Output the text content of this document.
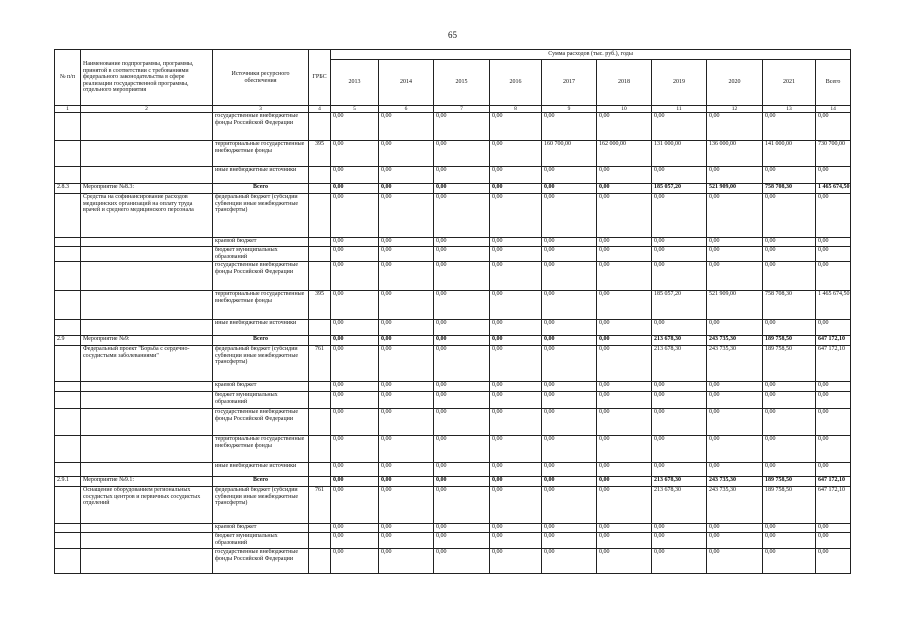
65
№ п/п	Наименование подпрограммы, программы, принятой в соответствии с требованиями федерального законодательства в сфере реализации государственной программы, отдельного мероприятия	Источники ресурсного обеспечения	ГРБС	Сумма расходов (тыс. руб.), годы									
				2013	2014	2015	2016	2017	2018	2019	2020	2021	Всего
1	2	3	4	5	6	7	8	9	10	11	12	13	14
		государственные внебюджетные фонды Российской Федерации		0,00	0,00	0,00	0,00	0,00	0,00	0,00	0,00	0,00	0,00
		территориальные государственные внебюджетные фонды	395	0,00	0,00	0,00	0,00	160 700,00	162 000,00	131 000,00	136 000,00	141 000,00	730 700,00
		иные внебюджетные источники		0,00	0,00	0,00	0,00	0,00	0,00	0,00	0,00	0,00	0,00
2.8.3	Мероприятие №8.3:	Всего		0,00	0,00	0,00	0,00	0,00	0,00	185 057,20	521 909,00	758 708,30	1 465 674,50
	Средства на софинансирование расходов медицинских организаций на оплату труда врачей и среднего медицинского персонала	федеральный бюджет (субсидии субвенции иные межбюджетные трансферты)		0,00	0,00	0,00	0,00	0,00	0,00	0,00	0,00	0,00	0,00
		краевой бюджет		0,00	0,00	0,00	0,00	0,00	0,00	0,00	0,00	0,00	0,00
		бюджет муниципальных образований		0,00	0,00	0,00	0,00	0,00	0,00	0,00	0,00	0,00	0,00
		государственные внебюджетные фонды Российской Федерации		0,00	0,00	0,00	0,00	0,00	0,00	0,00	0,00	0,00	0,00
		территориальные государственные внебюджетные фонды	395	0,00	0,00	0,00	0,00	0,00	0,00	185 057,20	521 909,00	758 708,30	1 465 674,50
		иные внебюджетные источники		0,00	0,00	0,00	0,00	0,00	0,00	0,00	0,00	0,00	0,00
2.9	Мероприятие №9:	Всего		0,00	0,00	0,00	0,00	0,00	0,00	213 678,30	243 735,30	189 758,50	647 172,10
	Федеральный проект "Борьба с сердечно-сосудистыми заболеваниями"	федеральный бюджет (субсидии субвенции иные межбюджетные трансферты)	761	0,00	0,00	0,00	0,00	0,00	0,00	213 678,30	243 735,30	189 758,50	647 172,10
		краевой бюджет		0,00	0,00	0,00	0,00	0,00	0,00	0,00	0,00	0,00	0,00
		бюджет муниципальных образований		0,00	0,00	0,00	0,00	0,00	0,00	0,00	0,00	0,00	0,00
		государственные внебюджетные фонды Российской Федерации		0,00	0,00	0,00	0,00	0,00	0,00	0,00	0,00	0,00	0,00
		территориальные государственные внебюджетные фонды		0,00	0,00	0,00	0,00	0,00	0,00	0,00	0,00	0,00	0,00
		иные внебюджетные источники		0,00	0,00	0,00	0,00	0,00	0,00	0,00	0,00	0,00	0,00
2.9.1	Мероприятие №9.1:	Всего		0,00	0,00	0,00	0,00	0,00	0,00	213 678,30	243 735,30	189 758,50	647 172,10
	Оснащение оборудованием региональных сосудистых центров и первичных сосудистых отделений	федеральный бюджет (субсидии субвенции иные межбюджетные трансферты)	761	0,00	0,00	0,00	0,00	0,00	0,00	213 678,30	243 735,30	189 758,50	647 172,10
		краевой бюджет		0,00	0,00	0,00	0,00	0,00	0,00	0,00	0,00	0,00	0,00
		бюджет муниципальных образований		0,00	0,00	0,00	0,00	0,00	0,00	0,00	0,00	0,00	0,00
		государственные внебюджетные фонды Российской Федерации		0,00	0,00	0,00	0,00	0,00	0,00	0,00	0,00	0,00	0,00
